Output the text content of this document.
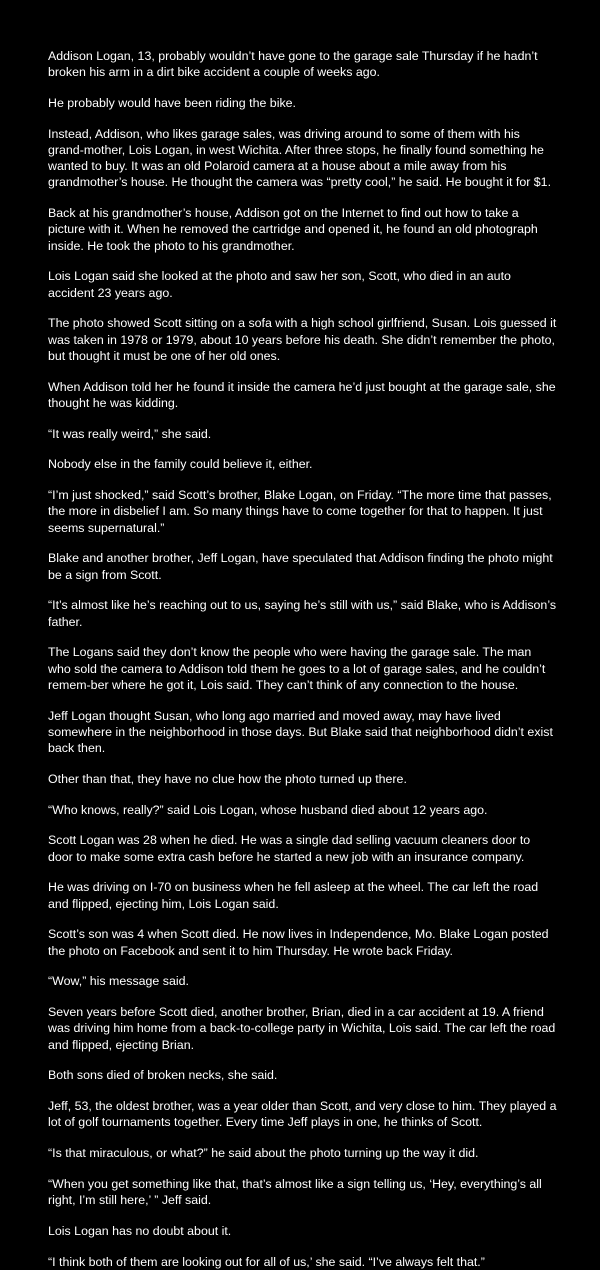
Addison Logan, 13, probably wouldn’t have gone to the garage sale Thursday if he hadn’t broken his arm in a dirt bike accident a couple of weeks ago.

He probably would have been riding the bike.

Instead, Addison, who likes garage sales, was driving around to some of them with his grand-mother, Lois Logan, in west Wichita. After three stops, he finally found something he wanted to buy. It was an old Polaroid camera at a house about a mile away from his grandmother’s house. He thought the camera was “pretty cool,” he said. He bought it for $1.

Back at his grandmother’s house, Addison got on the Internet to find out how to take a picture with it. When he removed the cartridge and opened it, he found an old photograph inside. He took the photo to his grandmother.

Lois Logan said she looked at the photo and saw her son, Scott, who died in an auto accident 23 years ago.

The photo showed Scott sitting on a sofa with a high school girlfriend, Susan. Lois guessed it was taken in 1978 or 1979, about 10 years before his death. She didn’t remember the photo, but thought it must be one of her old ones.

When Addison told her he found it inside the camera he’d just bought at the garage sale, she thought he was kidding.

“It was really weird,” she said.

Nobody else in the family could believe it, either.

“I’m just shocked,” said Scott’s brother, Blake Logan, on Friday. “The more time that passes, the more in disbelief I am. So many things have to come together for that to happen. It just seems supernatural.”

Blake and another brother, Jeff Logan, have speculated that Addison finding the photo might be a sign from Scott.

“It’s almost like he’s reaching out to us, saying he’s still with us,” said Blake, who is Addison’s father.

The Logans said they don’t know the people who were having the garage sale. The man who sold the camera to Addison told them he goes to a lot of garage sales, and he couldn’t remem-ber where he got it, Lois said. They can’t think of any connection to the house.

Jeff Logan thought Susan, who long ago married and moved away, may have lived somewhere in the neighborhood in those days. But Blake said that neighborhood didn’t exist back then.

Other than that, they have no clue how the photo turned up there.

“Who knows, really?” said Lois Logan, whose husband died about 12 years ago.

Scott Logan was 28 when he died. He was a single dad selling vacuum cleaners door to door to make some extra cash before he started a new job with an insurance company.

He was driving on I-70 on business when he fell asleep at the wheel. The car left the road and flipped, ejecting him, Lois Logan said.

Scott’s son was 4 when Scott died. He now lives in Independence, Mo. Blake Logan posted the photo on Facebook and sent it to him Thursday. He wrote back Friday.

“Wow,” his message said.

Seven years before Scott died, another brother, Brian, died in a car accident at 19. A friend was driving him home from a back-to-college party in Wichita, Lois said. The car left the road and flipped, ejecting Brian.

Both sons died of broken necks, she said.

Jeff, 53, the oldest brother, was a year older than Scott, and very close to him. They played a lot of golf tournaments together. Every time Jeff plays in one, he thinks of Scott.

“Is that miraculous, or what?” he said about the photo turning up the way it did.

“When you get something like that, that’s almost like a sign telling us, ‘Hey, everything’s all right, I’m still here,’ ” Jeff said.

Lois Logan has no doubt about it.

“I think both of them are looking out for all of us,’ she said. “I’ve always felt that.”
